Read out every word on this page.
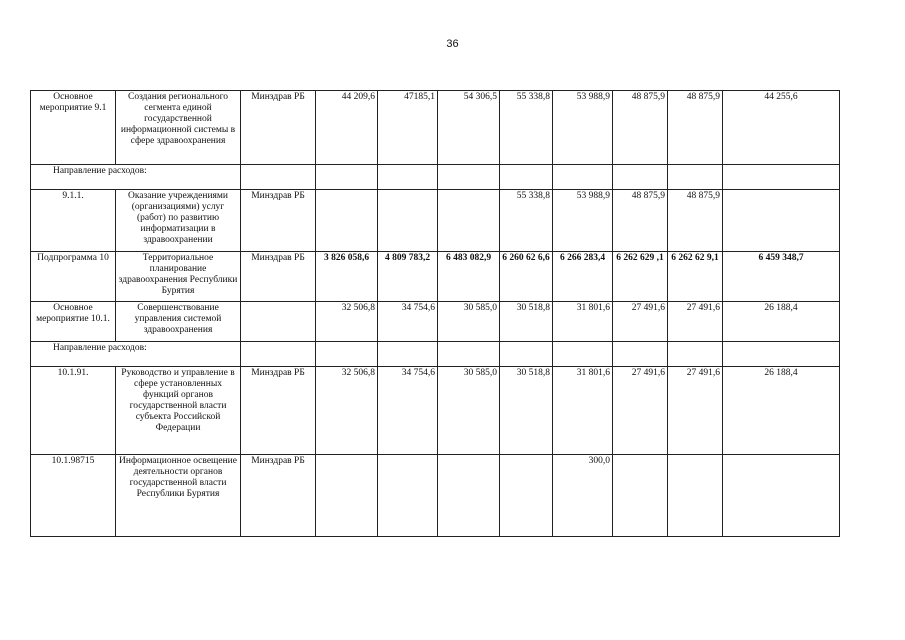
36
Основное мероприятие 9.1	Создания регионального сегмента единой государственной информационной системы в сфере здравоохранения	Минздрав РБ	44 209,6	47185,1	54 306,5	55 338,8	53 988,9	48 875,9	48 875,9	44 255,6
Направление расходов:										
9.1.1.	Оказание учреждениями (организациями) услуг (работ) по развитию информатизации в здравоохранении	Минздрав РБ				55 338,8	53 988,9	48 875,9	48 875,9	
Подпрограмма 10	Территориальное планирование здравоохранения Республики Бурятия	Минздрав РБ	3 826 058,6	4 809 783,2	6 483 082,9	6 260 62 6,6	6 266 283,4	6 262 629 ,1	6 262 62 9,1	6 459 348,7
Основное мероприятие 10.1.	Совершенствование управления системой здравоохранения		32 506,8	34 754,6	30 585,0	30 518,8	31 801,6	27 491,6	27 491,6	26 188,4
Направление расходов:										
10.1.91.	Руководство и управление в сфере установленных функций органов государственной власти субъекта Российской Федерации	Минздрав РБ	32 506,8	34 754,6	30 585,0	30 518,8	31 801,6	27 491,6	27 491,6	26 188,4
10.1.98715	Информационное освещение деятельности органов государственной власти Республики Бурятия	Минздрав РБ					300,0			
